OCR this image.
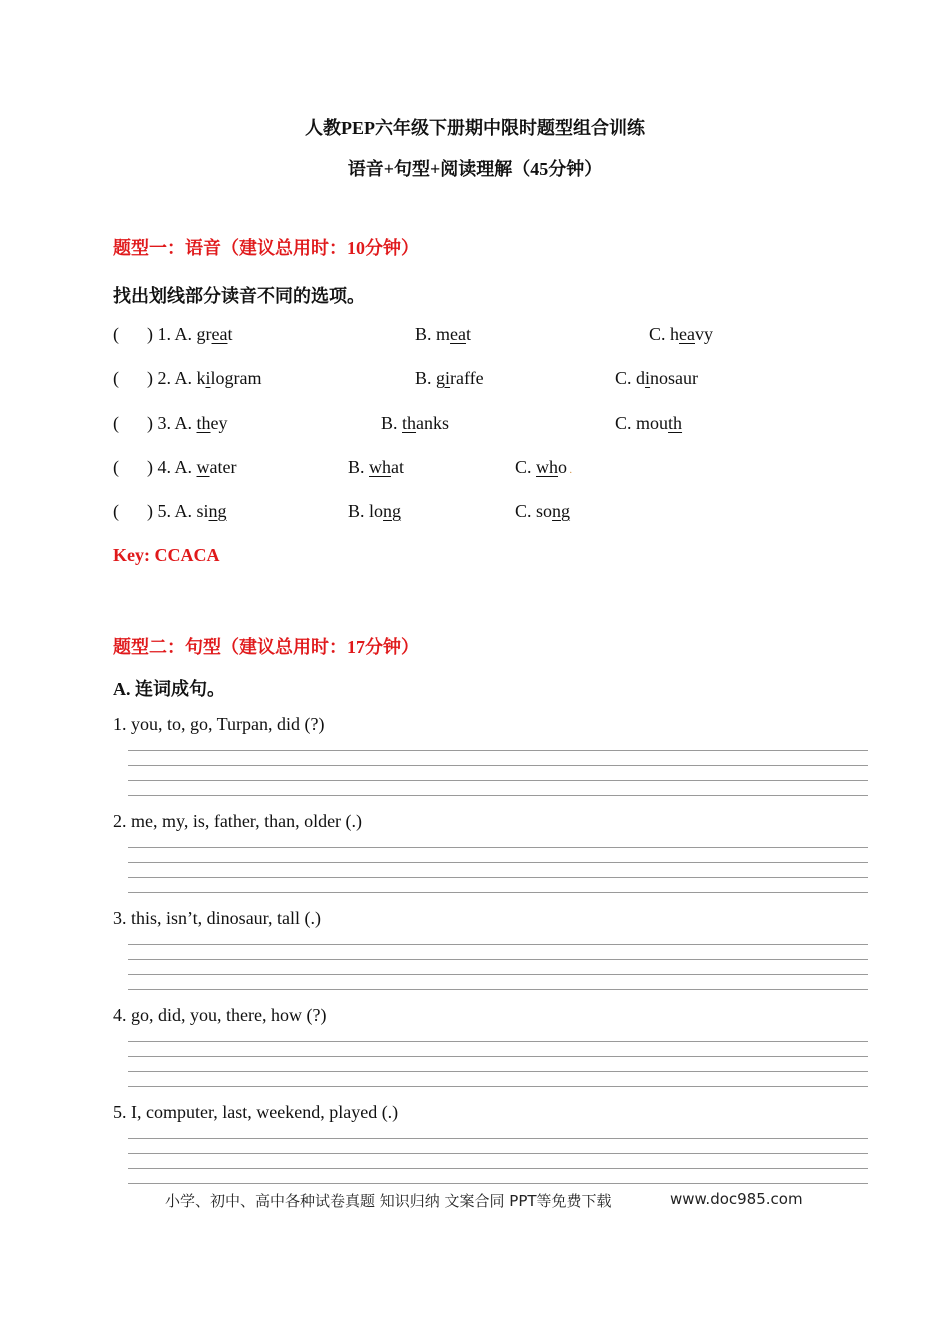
人教PEP六年级下册期中限时题型组合训练
语音+句型+阅读理解（45分钟）
题型一：语音（建议总用时：10分钟）
找出划线部分读音不同的选项。
( ) 1. A. great	B. meat	C. heavy
( ) 2. A. kilogram	B. giraffe	C. dinosaur
( ) 3. A. they	B. thanks	C. mouth
( ) 4. A. water	B. what	C. who .
( ) 5. A. sing	B. long	C. song
Key: CCACA
题型二：句型（建议总用时：17分钟）
A. 连词成句。
1. you, to, go, Turpan, did (?)
2. me, my, is, father, than, older (.)
3. this, isn’t, dinosaur, tall (.)
4. go, did, you, there, how (?)
5. I, computer, last, weekend, played (.)
小学、初中、高中各种试卷真题 知识归纳 文案合同 PPT等免费下载	www.doc985.com
